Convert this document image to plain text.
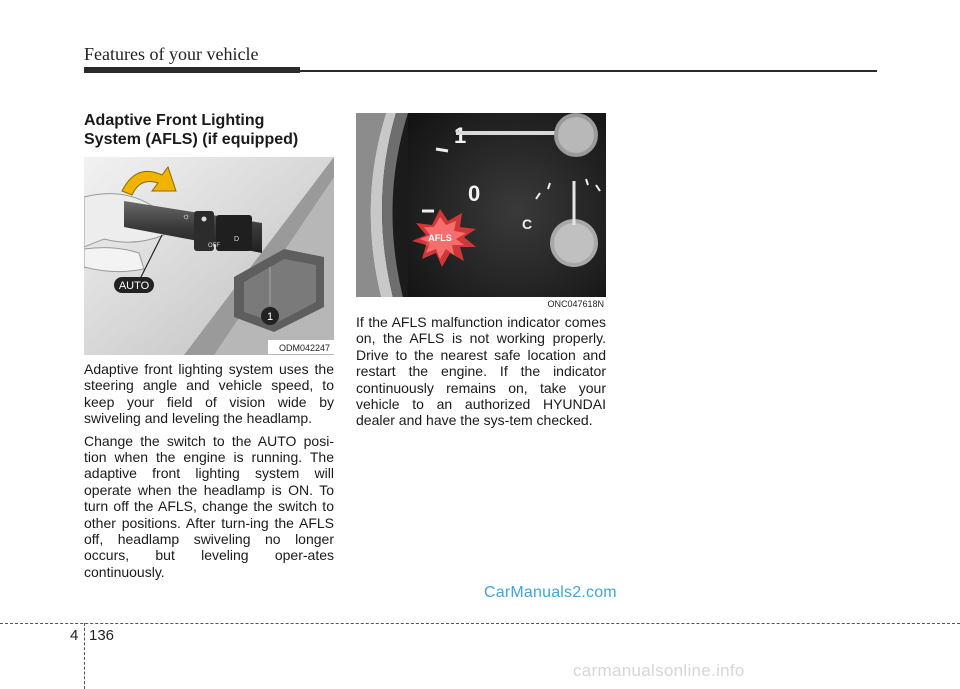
Features of your vehicle
Adaptive Front Lighting
System (AFLS) (if equipped)
☼
D
OFF
AUTO
1
ODM042247
1
0
C
AFLS
ONC047618N

Adaptive front lighting system uses the steering angle and vehicle speed, to keep your field of vision wide by swiveling and leveling the headlamp.

Change the switch to the AUTO posi-tion when the engine is running. The adaptive front lighting system will operate when the headlamp is ON. To turn off the AFLS, change the switch to other positions. After turn-ing the AFLS off, headlamp swiveling no longer occurs, but leveling oper-ates continuously.

If the AFLS malfunction indicator comes on, the AFLS is not working properly. Drive to the nearest safe location and restart the engine. If the indicator continuously remains on, take your vehicle to an authorized HYUNDAI dealer and have the sys-tem checked.

CarManuals2.com
4 136
carmanualsonline.info
